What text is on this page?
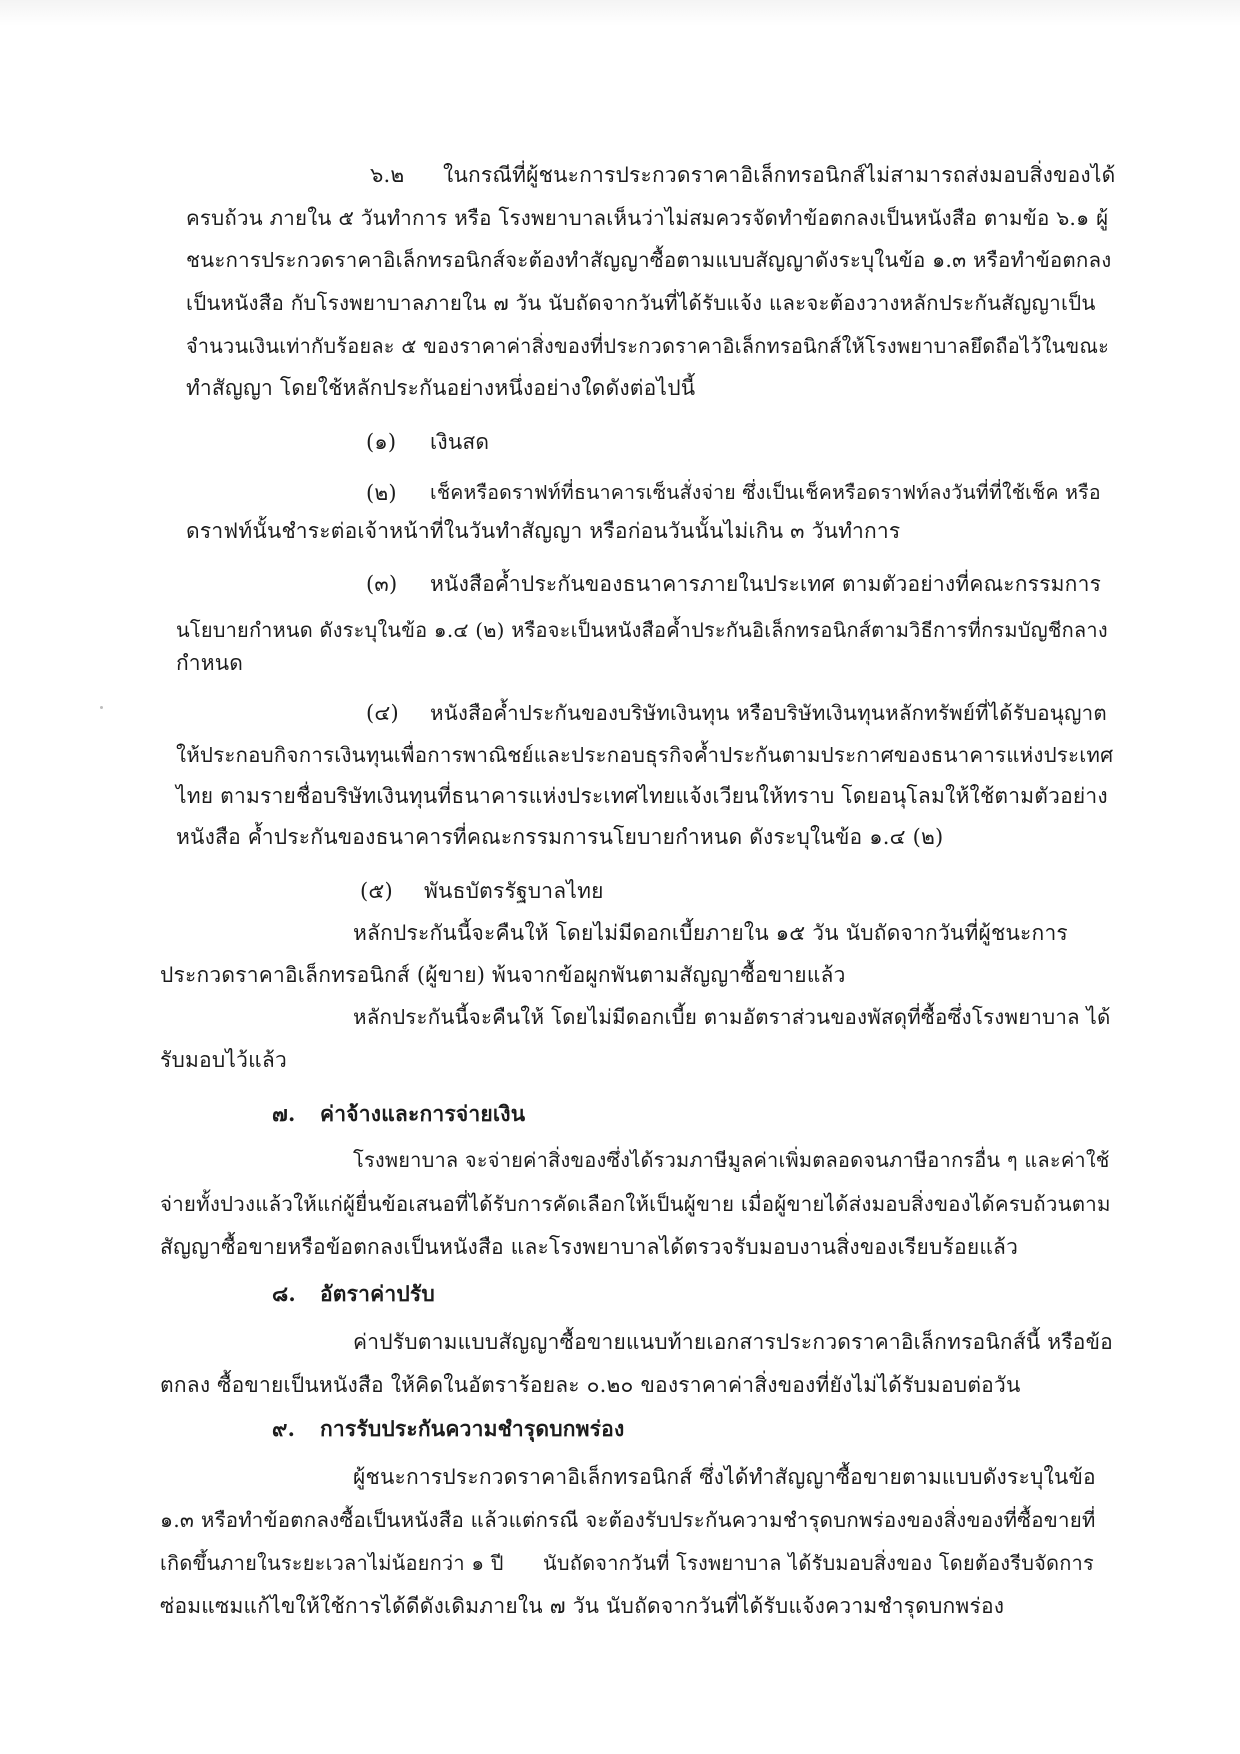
๖.๒ ในกรณีที่ผู้ชนะการประกวดราคาอิเล็กทรอนิกส์ไม่สามารถส่งมอบสิ่งของได้
ครบถ้วน ภายใน ๕ วันทำการ หรือ โรงพยาบาลเห็นว่าไม่สมควรจัดทำข้อตกลงเป็นหนังสือ ตามข้อ ๖.๑ ผู้
ชนะการประกวดราคาอิเล็กทรอนิกส์จะต้องทำสัญญาซื้อตามแบบสัญญาดังระบุในข้อ ๑.๓ หรือทำข้อตกลง
เป็นหนังสือ กับโรงพยาบาลภายใน ๗ วัน นับถัดจากวันที่ได้รับแจ้ง และจะต้องวางหลักประกันสัญญาเป็น
จำนวนเงินเท่ากับร้อยละ ๕ ของราคาค่าสิ่งของที่ประกวดราคาอิเล็กทรอนิกส์ให้โรงพยาบาลยึดถือไว้ในขณะ
ทำสัญญา โดยใช้หลักประกันอย่างหนึ่งอย่างใดดังต่อไปนี้
(๑) เงินสด
(๒) เช็คหรือดราฟท์ที่ธนาคารเซ็นสั่งจ่าย ซึ่งเป็นเช็คหรือดราฟท์ลงวันที่ที่ใช้เช็ค หรือ
ดราฟท์นั้นชำระต่อเจ้าหน้าที่ในวันทำสัญญา หรือก่อนวันนั้นไม่เกิน ๓ วันทำการ
(๓) หนังสือค้ำประกันของธนาคารภายในประเทศ ตามตัวอย่างที่คณะกรรมการ
นโยบายกำหนด ดังระบุในข้อ ๑.๔ (๒) หรือจะเป็นหนังสือค้ำประกันอิเล็กทรอนิกส์ตามวิธีการที่กรมบัญชีกลาง
กำหนด
(๔) หนังสือค้ำประกันของบริษัทเงินทุน หรือบริษัทเงินทุนหลักทรัพย์ที่ได้รับอนุญาต
ให้ประกอบกิจการเงินทุนเพื่อการพาณิชย์และประกอบธุรกิจค้ำประกันตามประกาศของธนาคารแห่งประเทศ
ไทย ตามรายชื่อบริษัทเงินทุนที่ธนาคารแห่งประเทศไทยแจ้งเวียนให้ทราบ โดยอนุโลมให้ใช้ตามตัวอย่าง
หนังสือ ค้ำประกันของธนาคารที่คณะกรรมการนโยบายกำหนด ดังระบุในข้อ ๑.๔ (๒)
(๕) พันธบัตรรัฐบาลไทย
หลักประกันนี้จะคืนให้ โดยไม่มีดอกเบี้ยภายใน ๑๕ วัน นับถัดจากวันที่ผู้ชนะการ
ประกวดราคาอิเล็กทรอนิกส์ (ผู้ขาย) พ้นจากข้อผูกพันตามสัญญาซื้อขายแล้ว
หลักประกันนี้จะคืนให้ โดยไม่มีดอกเบี้ย ตามอัตราส่วนของพัสดุที่ซื้อซึ่งโรงพยาบาล ได้
รับมอบไว้แล้ว
๗. ค่าจ้างและการจ่ายเงิน
โรงพยาบาล จะจ่ายค่าสิ่งของซึ่งได้รวมภาษีมูลค่าเพิ่มตลอดจนภาษีอากรอื่น ๆ และค่าใช้
จ่ายทั้งปวงแล้วให้แก่ผู้ยื่นข้อเสนอที่ได้รับการคัดเลือกให้เป็นผู้ขาย เมื่อผู้ขายได้ส่งมอบสิ่งของได้ครบถ้วนตาม
สัญญาซื้อขายหรือข้อตกลงเป็นหนังสือ และโรงพยาบาลได้ตรวจรับมอบงานสิ่งของเรียบร้อยแล้ว
๘. อัตราค่าปรับ
ค่าปรับตามแบบสัญญาซื้อขายแนบท้ายเอกสารประกวดราคาอิเล็กทรอนิกส์นี้ หรือข้อ
ตกลง ซื้อขายเป็นหนังสือ ให้คิดในอัตราร้อยละ ๐.๒๐ ของราคาค่าสิ่งของที่ยังไม่ได้รับมอบต่อวัน
๙. การรับประกันความชำรุดบกพร่อง
ผู้ชนะการประกวดราคาอิเล็กทรอนิกส์ ซึ่งได้ทำสัญญาซื้อขายตามแบบดังระบุในข้อ
๑.๓ หรือทำข้อตกลงซื้อเป็นหนังสือ แล้วแต่กรณี จะต้องรับประกันความชำรุดบกพร่องของสิ่งของที่ซื้อขายที่
เกิดขึ้นภายในระยะเวลาไม่น้อยกว่า ๑ ปี      นับถัดจากวันที่ โรงพยาบาล ได้รับมอบสิ่งของ โดยต้องรีบจัดการ
ซ่อมแซมแก้ไขให้ใช้การได้ดีดังเดิมภายใน ๗ วัน นับถัดจากวันที่ได้รับแจ้งความชำรุดบกพร่อง
